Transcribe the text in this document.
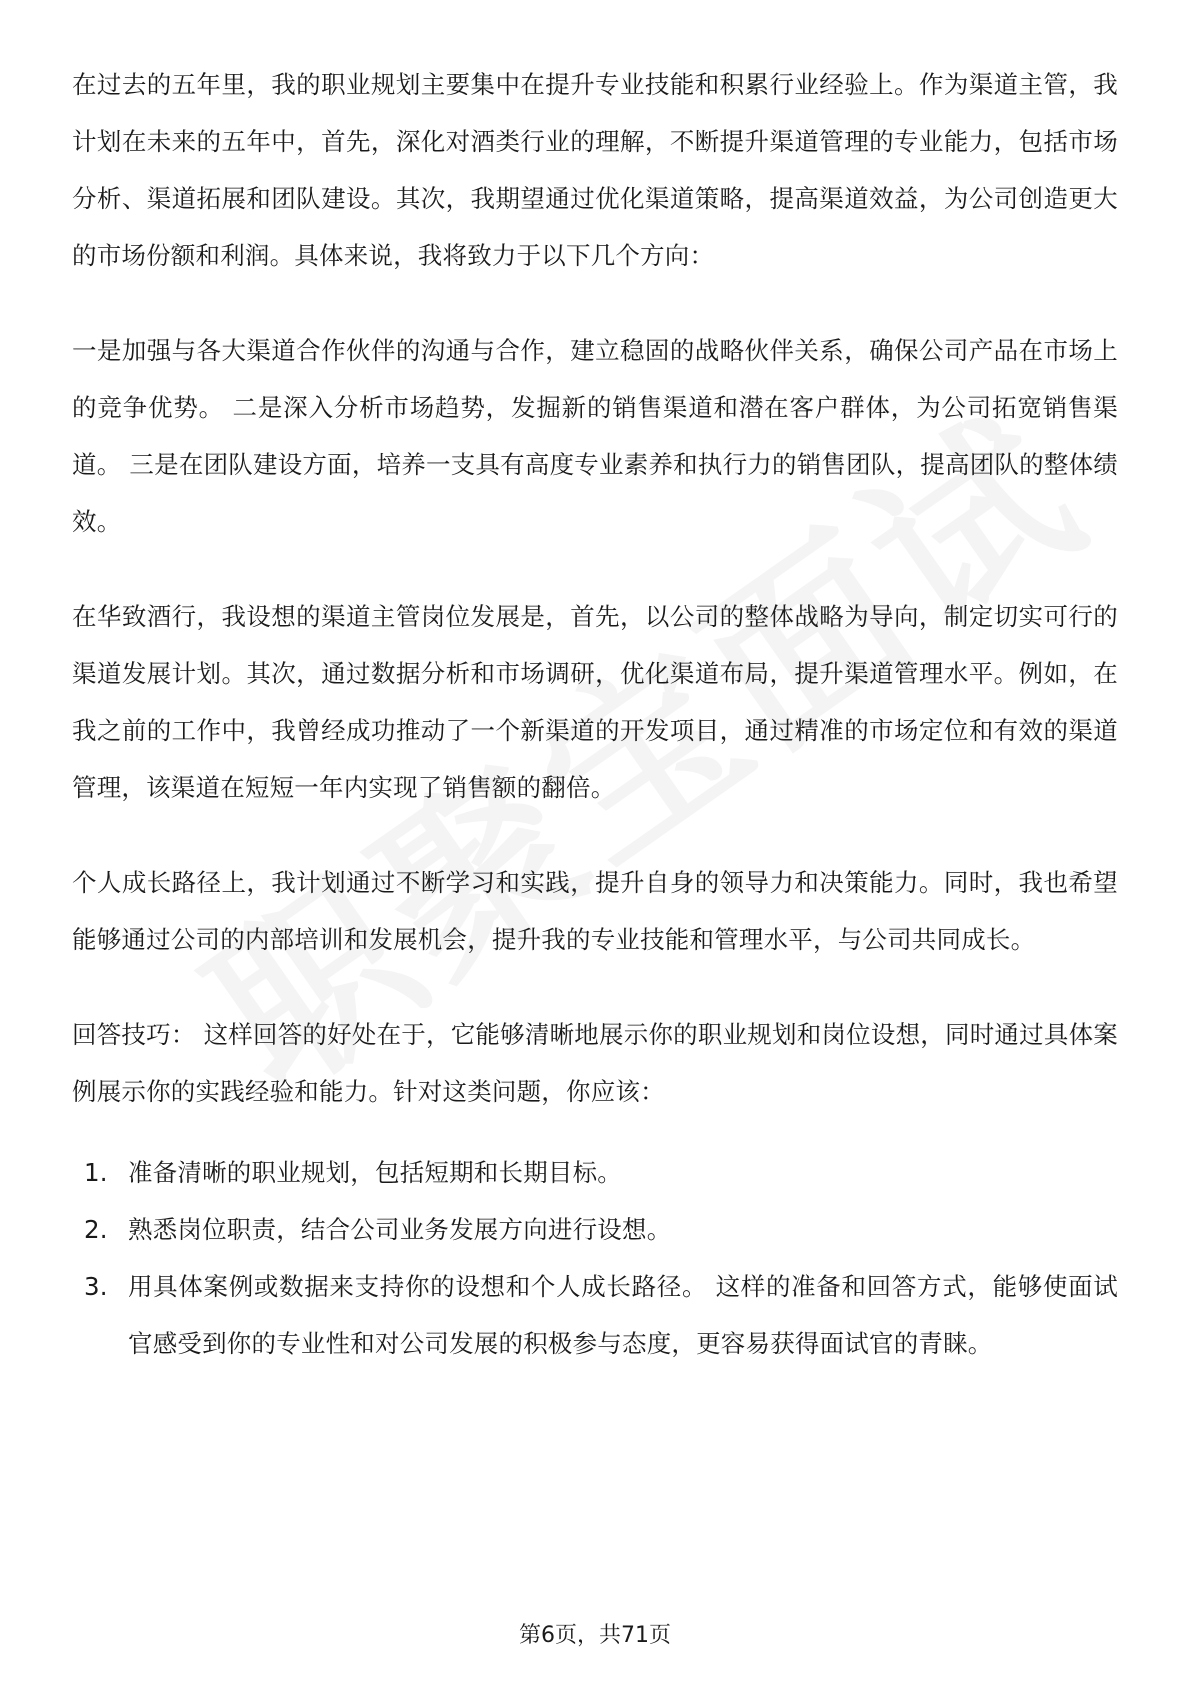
在过去的五年里，我的职业规划主要集中在提升专业技能和积累行业经验上。作为渠道主管，我计划在未来的五年中，首先，深化对酒类行业的理解，不断提升渠道管理的专业能力，包括市场分析、渠道拓展和团队建设。其次，我期望通过优化渠道策略，提高渠道效益，为公司创造更大的市场份额和利润。具体来说，我将致力于以下几个方向：

一是加强与各大渠道合作伙伴的沟通与合作，建立稳固的战略伙伴关系，确保公司产品在市场上的竞争优势。 二是深入分析市场趋势，发掘新的销售渠道和潜在客户群体，为公司拓宽销售渠道。 三是在团队建设方面，培养一支具有高度专业素养和执行力的销售团队，提高团队的整体绩效。

在华致酒行，我设想的渠道主管岗位发展是，首先，以公司的整体战略为导向，制定切实可行的渠道发展计划。其次，通过数据分析和市场调研，优化渠道布局，提升渠道管理水平。例如，在我之前的工作中，我曾经成功推动了一个新渠道的开发项目，通过精准的市场定位和有效的渠道管理，该渠道在短短一年内实现了销售额的翻倍。

个人成长路径上，我计划通过不断学习和实践，提升自身的领导力和决策能力。同时，我也希望能够通过公司的内部培训和发展机会，提升我的专业技能和管理水平，与公司共同成长。

回答技巧： 这样回答的好处在于，它能够清晰地展示你的职业规划和岗位设想，同时通过具体案例展示你的实践经验和能力。针对这类问题，你应该：

1. 准备清晰的职业规划，包括短期和长期目标。
2. 熟悉岗位职责，结合公司业务发展方向进行设想。
3. 用具体案例或数据来支持你的设想和个人成长路径。 这样的准备和回答方式，能够使面试官感受到你的专业性和对公司发展的积极参与态度，更容易获得面试官的青睐。
第6页，共71页
